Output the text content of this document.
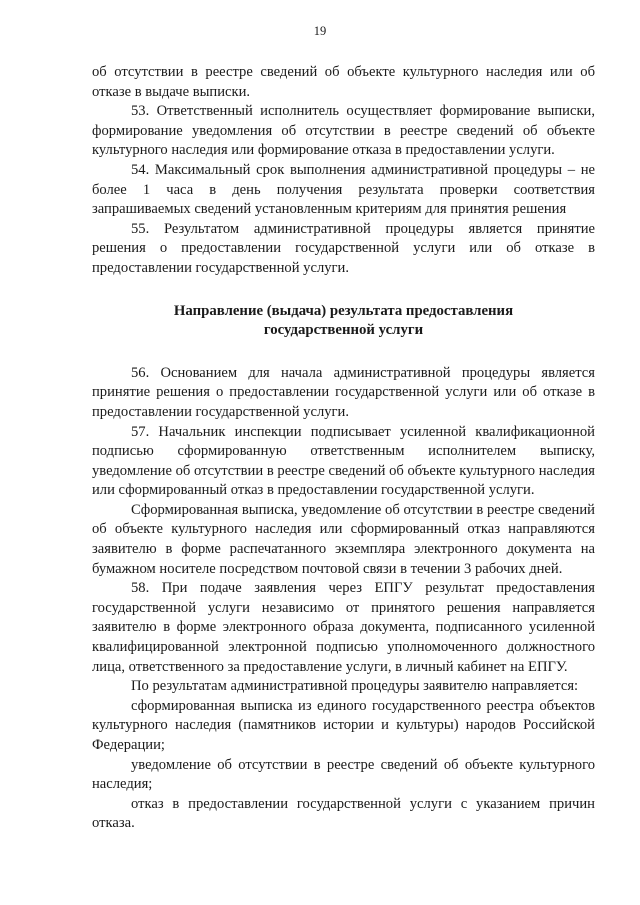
19

об отсутствии в реестре сведений об объекте культурного наследия или об отказе в выдаче выписки.

53. Ответственный исполнитель осуществляет формирование выписки, формирование уведомления об отсутствии в реестре сведений об объекте культурного наследия или формирование отказа в предоставлении услуги.

54. Максимальный срок выполнения административной процедуры – не более 1 часа в день получения результата проверки соответствия запрашиваемых сведений установленным критериям для принятия решения

55. Результатом административной процедуры является принятие решения о предоставлении государственной услуги или об отказе в предоставлении государственной услуги.

Направление (выдача) результата предоставления государственной услуги

56. Основанием для начала административной процедуры является принятие решения о предоставлении государственной услуги или об отказе в предоставлении государственной услуги.

57. Начальник инспекции подписывает усиленной квалификационной подписью сформированную ответственным исполнителем выписку, уведомление об отсутствии в реестре сведений об объекте культурного наследия или сформированный отказ в предоставлении государственной услуги.

Сформированная выписка, уведомление об отсутствии в реестре сведений об объекте культурного наследия или сформированный отказ направляются заявителю в форме распечатанного экземпляра электронного документа на бумажном носителе посредством почтовой связи в течении 3 рабочих дней.

58. При подаче заявления через ЕПГУ результат предоставления государственной услуги независимо от принятого решения направляется заявителю в форме электронного образа документа, подписанного усиленной квалифицированной электронной подписью уполномоченного должностного лица, ответственного за предоставление услуги, в личный кабинет на ЕПГУ.

По результатам административной процедуры заявителю направляется:

сформированная выписка из единого государственного реестра объектов культурного наследия (памятников истории и культуры) народов Российской Федерации;

уведомление об отсутствии в реестре сведений об объекте культурного наследия;

отказ в предоставлении государственной услуги с указанием причин отказа.
